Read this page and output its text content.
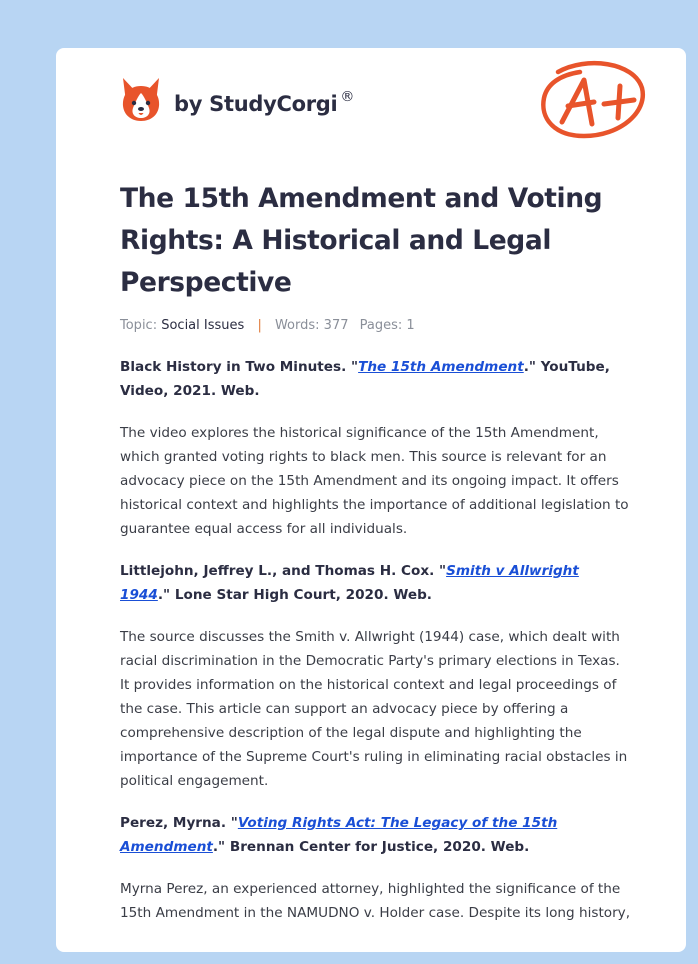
by StudyCorgi ®
The 15th Amendment and Voting Rights: A Historical and Legal Perspective
Topic: Social Issues | Words: 377 Pages: 1

Black History in Two Minutes. "The 15th Amendment." YouTube, Video, 2021. Web.

The video explores the historical significance of the 15th Amendment, which granted voting rights to black men. This source is relevant for an advocacy piece on the 15th Amendment and its ongoing impact. It offers historical context and highlights the importance of additional legislation to guarantee equal access for all individuals.

Littlejohn, Jeffrey L., and Thomas H. Cox. "Smith v Allwright 1944." Lone Star High Court, 2020. Web.

The source discusses the Smith v. Allwright (1944) case, which dealt with racial discrimination in the Democratic Party's primary elections in Texas. It provides information on the historical context and legal proceedings of the case. This article can support an advocacy piece by offering a comprehensive description of the legal dispute and highlighting the importance of the Supreme Court's ruling in eliminating racial obstacles in political engagement.

Perez, Myrna. "Voting Rights Act: The Legacy of the 15th Amendment." Brennan Center for Justice, 2020. Web.

Myrna Perez, an experienced attorney, highlighted the significance of the 15th Amendment in the NAMUDNO v. Holder case. Despite its long history,
